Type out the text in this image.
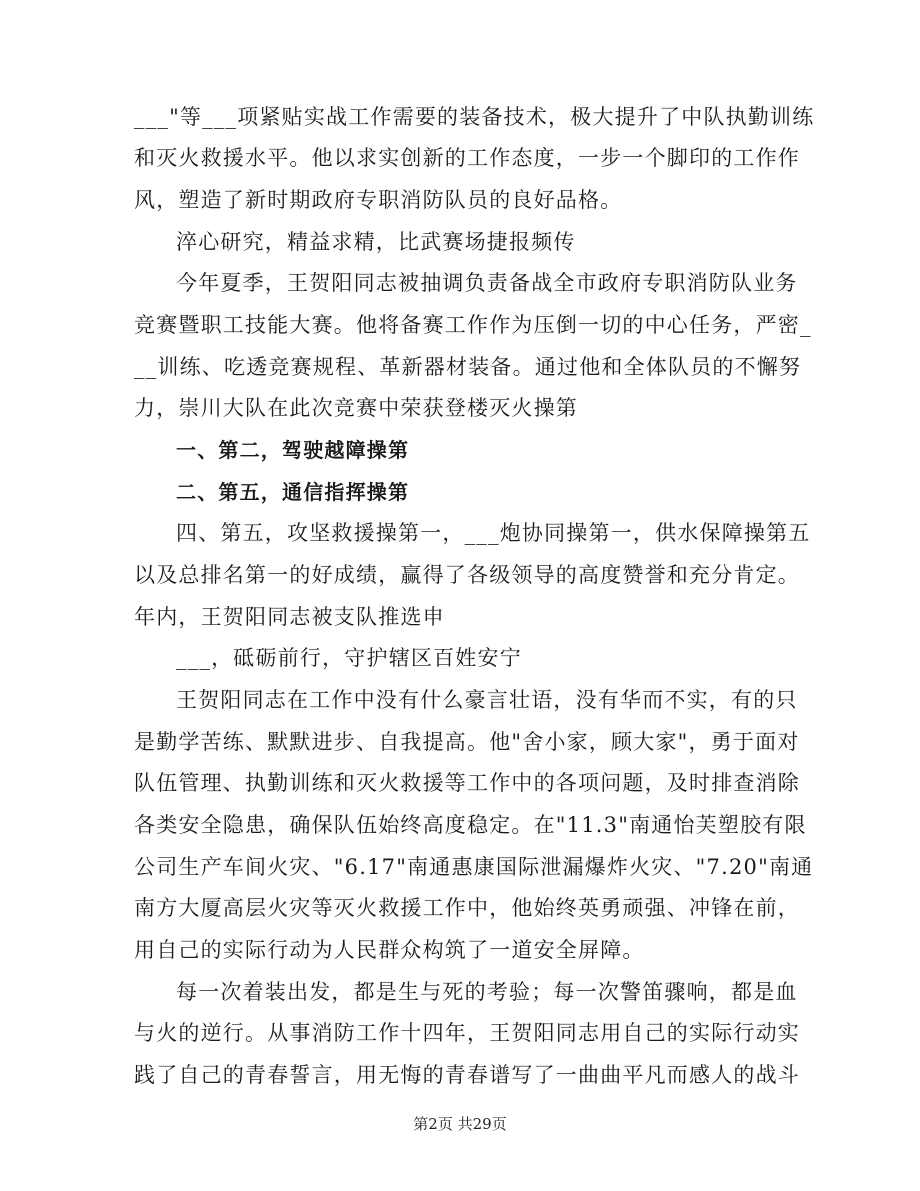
___"等___项紧贴实战工作需要的装备技术，极大提升了中队执勤训练
和灭火救援水平。他以求实创新的工作态度，一步一个脚印的工作作
风，塑造了新时期政府专职消防队员的良好品格。
淬心研究，精益求精，比武赛场捷报频传
今年夏季，王贺阳同志被抽调负责备战全市政府专职消防队业务
竞赛暨职工技能大赛。他将备赛工作作为压倒一切的中心任务，严密_
__训练、吃透竞赛规程、革新器材装备。通过他和全体队员的不懈努
力，崇川大队在此次竞赛中荣获登楼灭火操第
一、第二，驾驶越障操第
二、第五，通信指挥操第
四、第五，攻坚救援操第一，___炮协同操第一，供水保障操第五
以及总排名第一的好成绩，赢得了各级领导的高度赞誉和充分肯定。
年内，王贺阳同志被支队推选申
___，砥砺前行，守护辖区百姓安宁
王贺阳同志在工作中没有什么豪言壮语，没有华而不实，有的只
是勤学苦练、默默进步、自我提高。他"舍小家，顾大家"，勇于面对
队伍管理、执勤训练和灭火救援等工作中的各项问题，及时排查消除
各类安全隐患，确保队伍始终高度稳定。在"11.3"南通怡芙塑胶有限
公司生产车间火灾、"6.17"南通惠康国际泄漏爆炸火灾、"7.20"南通
南方大厦高层火灾等灭火救援工作中，他始终英勇顽强、冲锋在前，
用自己的实际行动为人民群众构筑了一道安全屏障。
每一次着装出发，都是生与死的考验；每一次警笛骤响，都是血
与火的逆行。从事消防工作十四年，王贺阳同志用自己的实际行动实
践了自己的青春誓言，用无悔的青春谱写了一曲曲平凡而感人的战斗
第2页 共29页
